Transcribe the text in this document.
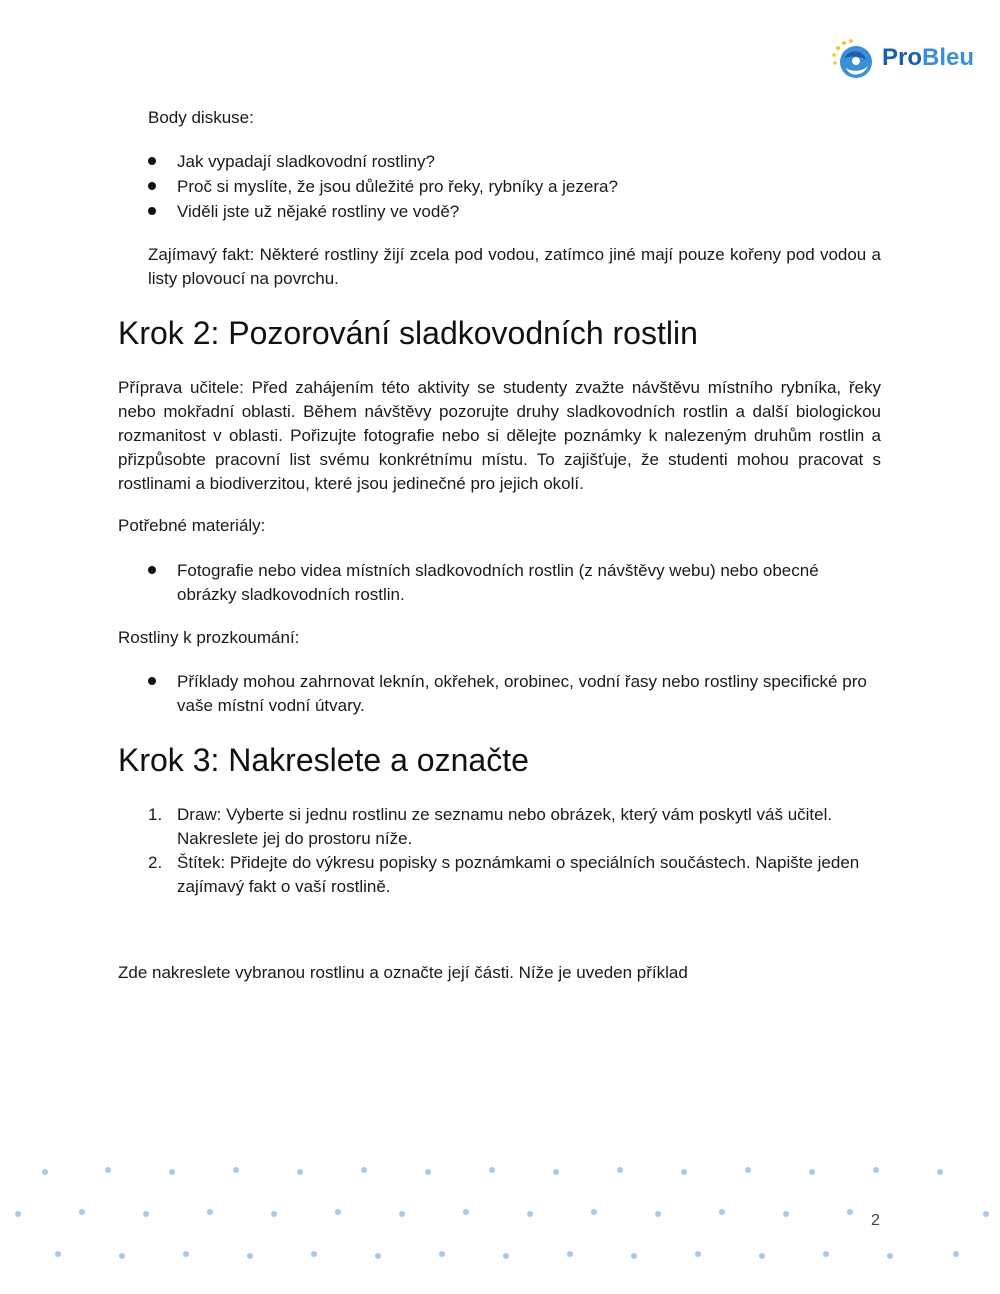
ProBleu

Body diskuse:

Jak vypadají sladkovodní rostliny?

Proč si myslíte, že jsou důležité pro řeky, rybníky a jezera?

Viděli jste už nějaké rostliny ve vodě?

Zajímavý fakt: Některé rostliny žijí zcela pod vodou, zatímco jiné mají pouze kořeny pod vodou a listy plovoucí na povrchu.

Krok 2: Pozorování sladkovodních rostlin

Příprava učitele: Před zahájením této aktivity se studenty zvažte návštěvu místního rybníka, řeky nebo mokřadní oblasti. Během návštěvy pozorujte druhy sladkovodních rostlin a další biologickou rozmanitost v oblasti. Pořizujte fotografie nebo si dělejte poznámky k nalezeným druhům rostlin a přizpůsobte pracovní list svému konkrétnímu místu. To zajišťuje, že studenti mohou pracovat s rostlinami a biodiverzitou, které jsou jedinečné pro jejich okolí.

Potřebné materiály:

Fotografie nebo videa místních sladkovodních rostlin (z návštěvy webu) nebo obecné obrázky sladkovodních rostlin.

Rostliny k prozkoumání:

Příklady mohou zahrnovat leknín, okřehek, orobinec, vodní řasy nebo rostliny specifické pro vaše místní vodní útvary.

Krok 3: Nakreslete a označte
1. Draw: Vyberte si jednu rostlinu ze seznamu nebo obrázek, který vám poskytl váš učitel. Nakreslete jej do prostoru níže.

2. Štítek: Přidejte do výkresu popisky s poznámkami o speciálních součástech. Napište jeden zajímavý fakt o vaší rostlině.

Zde nakreslete vybranou rostlinu a označte její části. Níže je uveden příklad

2
